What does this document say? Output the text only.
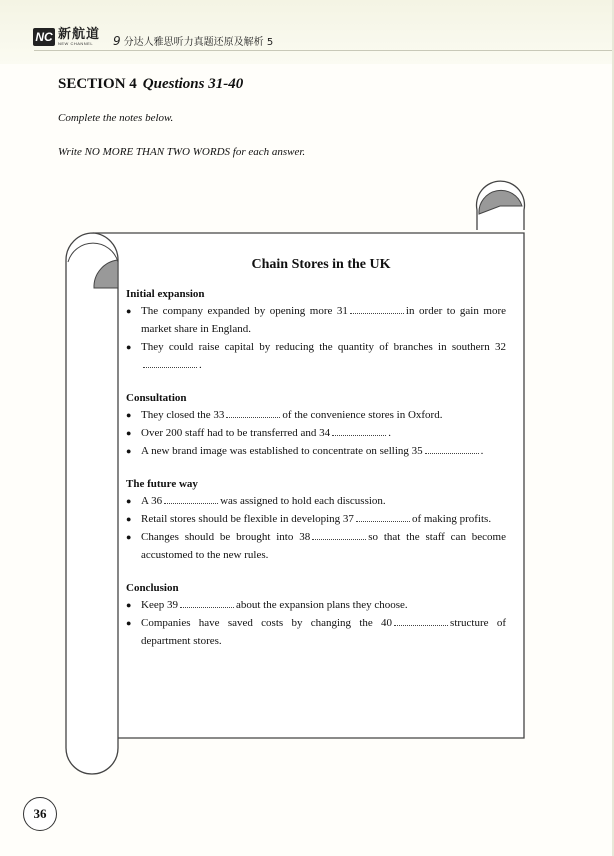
NC 新航道
NEW CHANNEL	9 分达人雅思听力真题还原及解析 5
SECTION 4 Questions 31-40
Complete the notes below.
Write NO MORE THAN TWO WORDS for each answer.
Chain Stores in the UK
Initial expansion
● The company expanded by opening more 31	in order to gain more market share in England.
● They could raise capital by reducing the quantity of branches in southern 32.
Consultation
● They closed the 33	of the convenience stores in Oxford.
● Over 200 staff had to be transferred and 34	.
● A new brand image was established to concentrate on selling 35	.
The future way
● A 36	was assigned to hold each discussion.
● Retail stores should be flexible in developing 37	of making profits.
● Changes should be brought into 38	so that the staff can become accustomed to the new rules.
Conclusion
● Keep 39	about the expansion plans they choose.
● Companies have saved costs by changing the 40	structure of department stores.
36
